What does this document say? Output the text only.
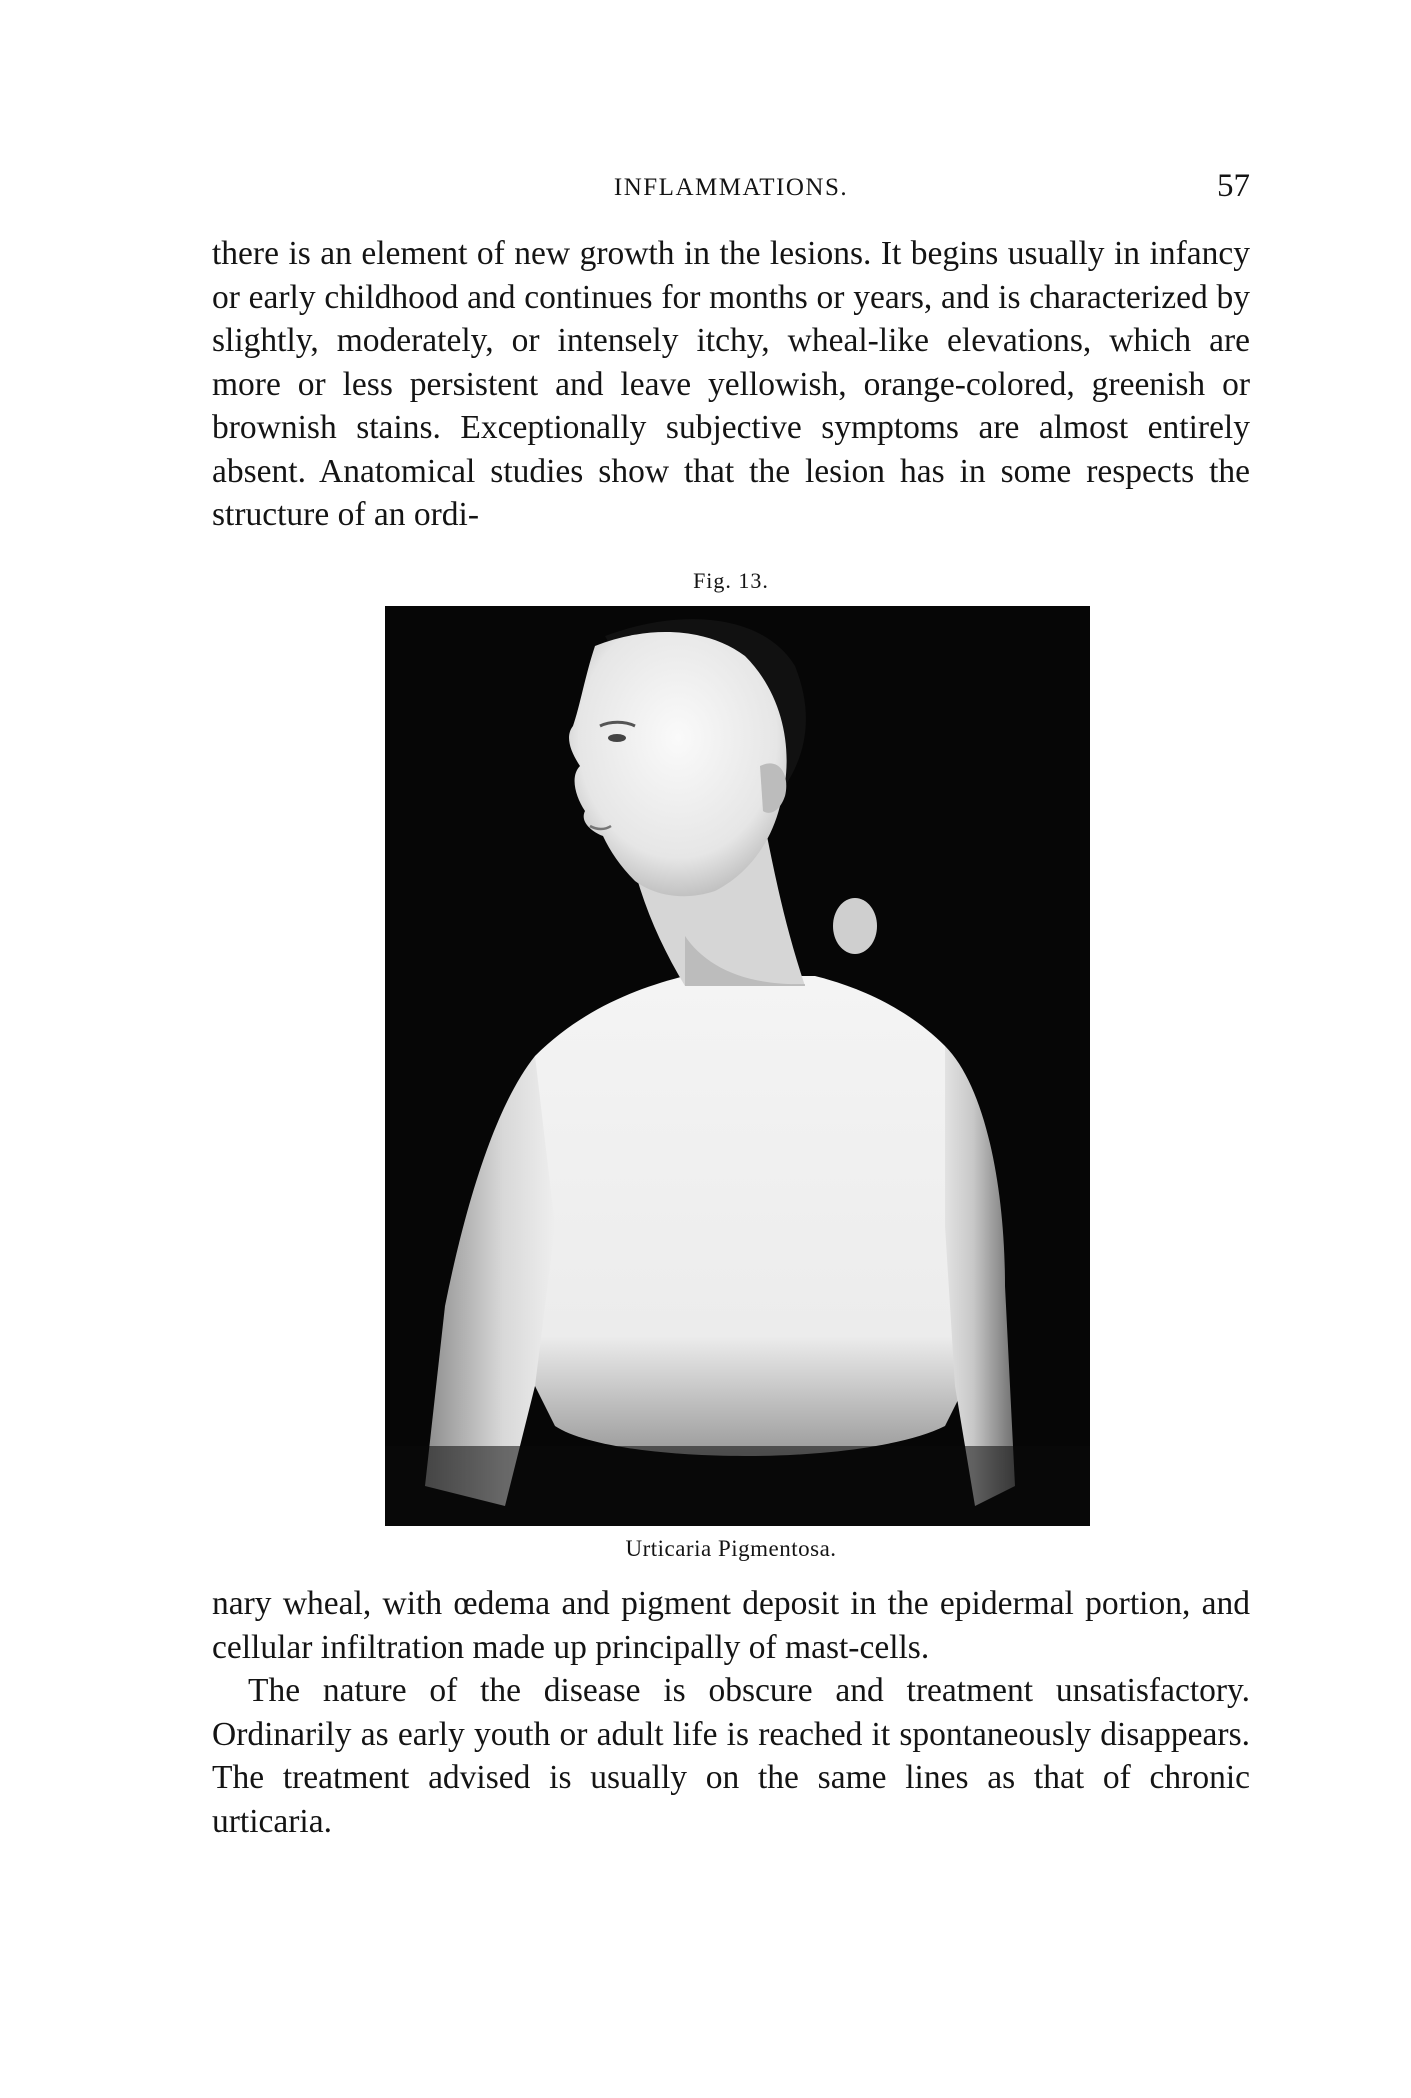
INFLAMMATIONS.	57

there is an element of new growth in the lesions. It begins usually in infancy or early childhood and continues for months or years, and is characterized by slightly, moderately, or intensely itchy, wheal-like elevations, which are more or less persistent and leave yellowish, orange-colored, greenish or brownish stains. Exceptionally subjective symptoms are almost entirely absent. Anatomical studies show that the lesion has in some respects the structure of an ordi-

Fig. 13.
Urticaria Pigmentosa.

nary wheal, with œdema and pigment deposit in the epidermal portion, and cellular infiltration made up principally of mast-cells.

The nature of the disease is obscure and treatment unsatisfactory. Ordinarily as early youth or adult life is reached it spontaneously disappears. The treatment advised is usually on the same lines as that of chronic urticaria.
